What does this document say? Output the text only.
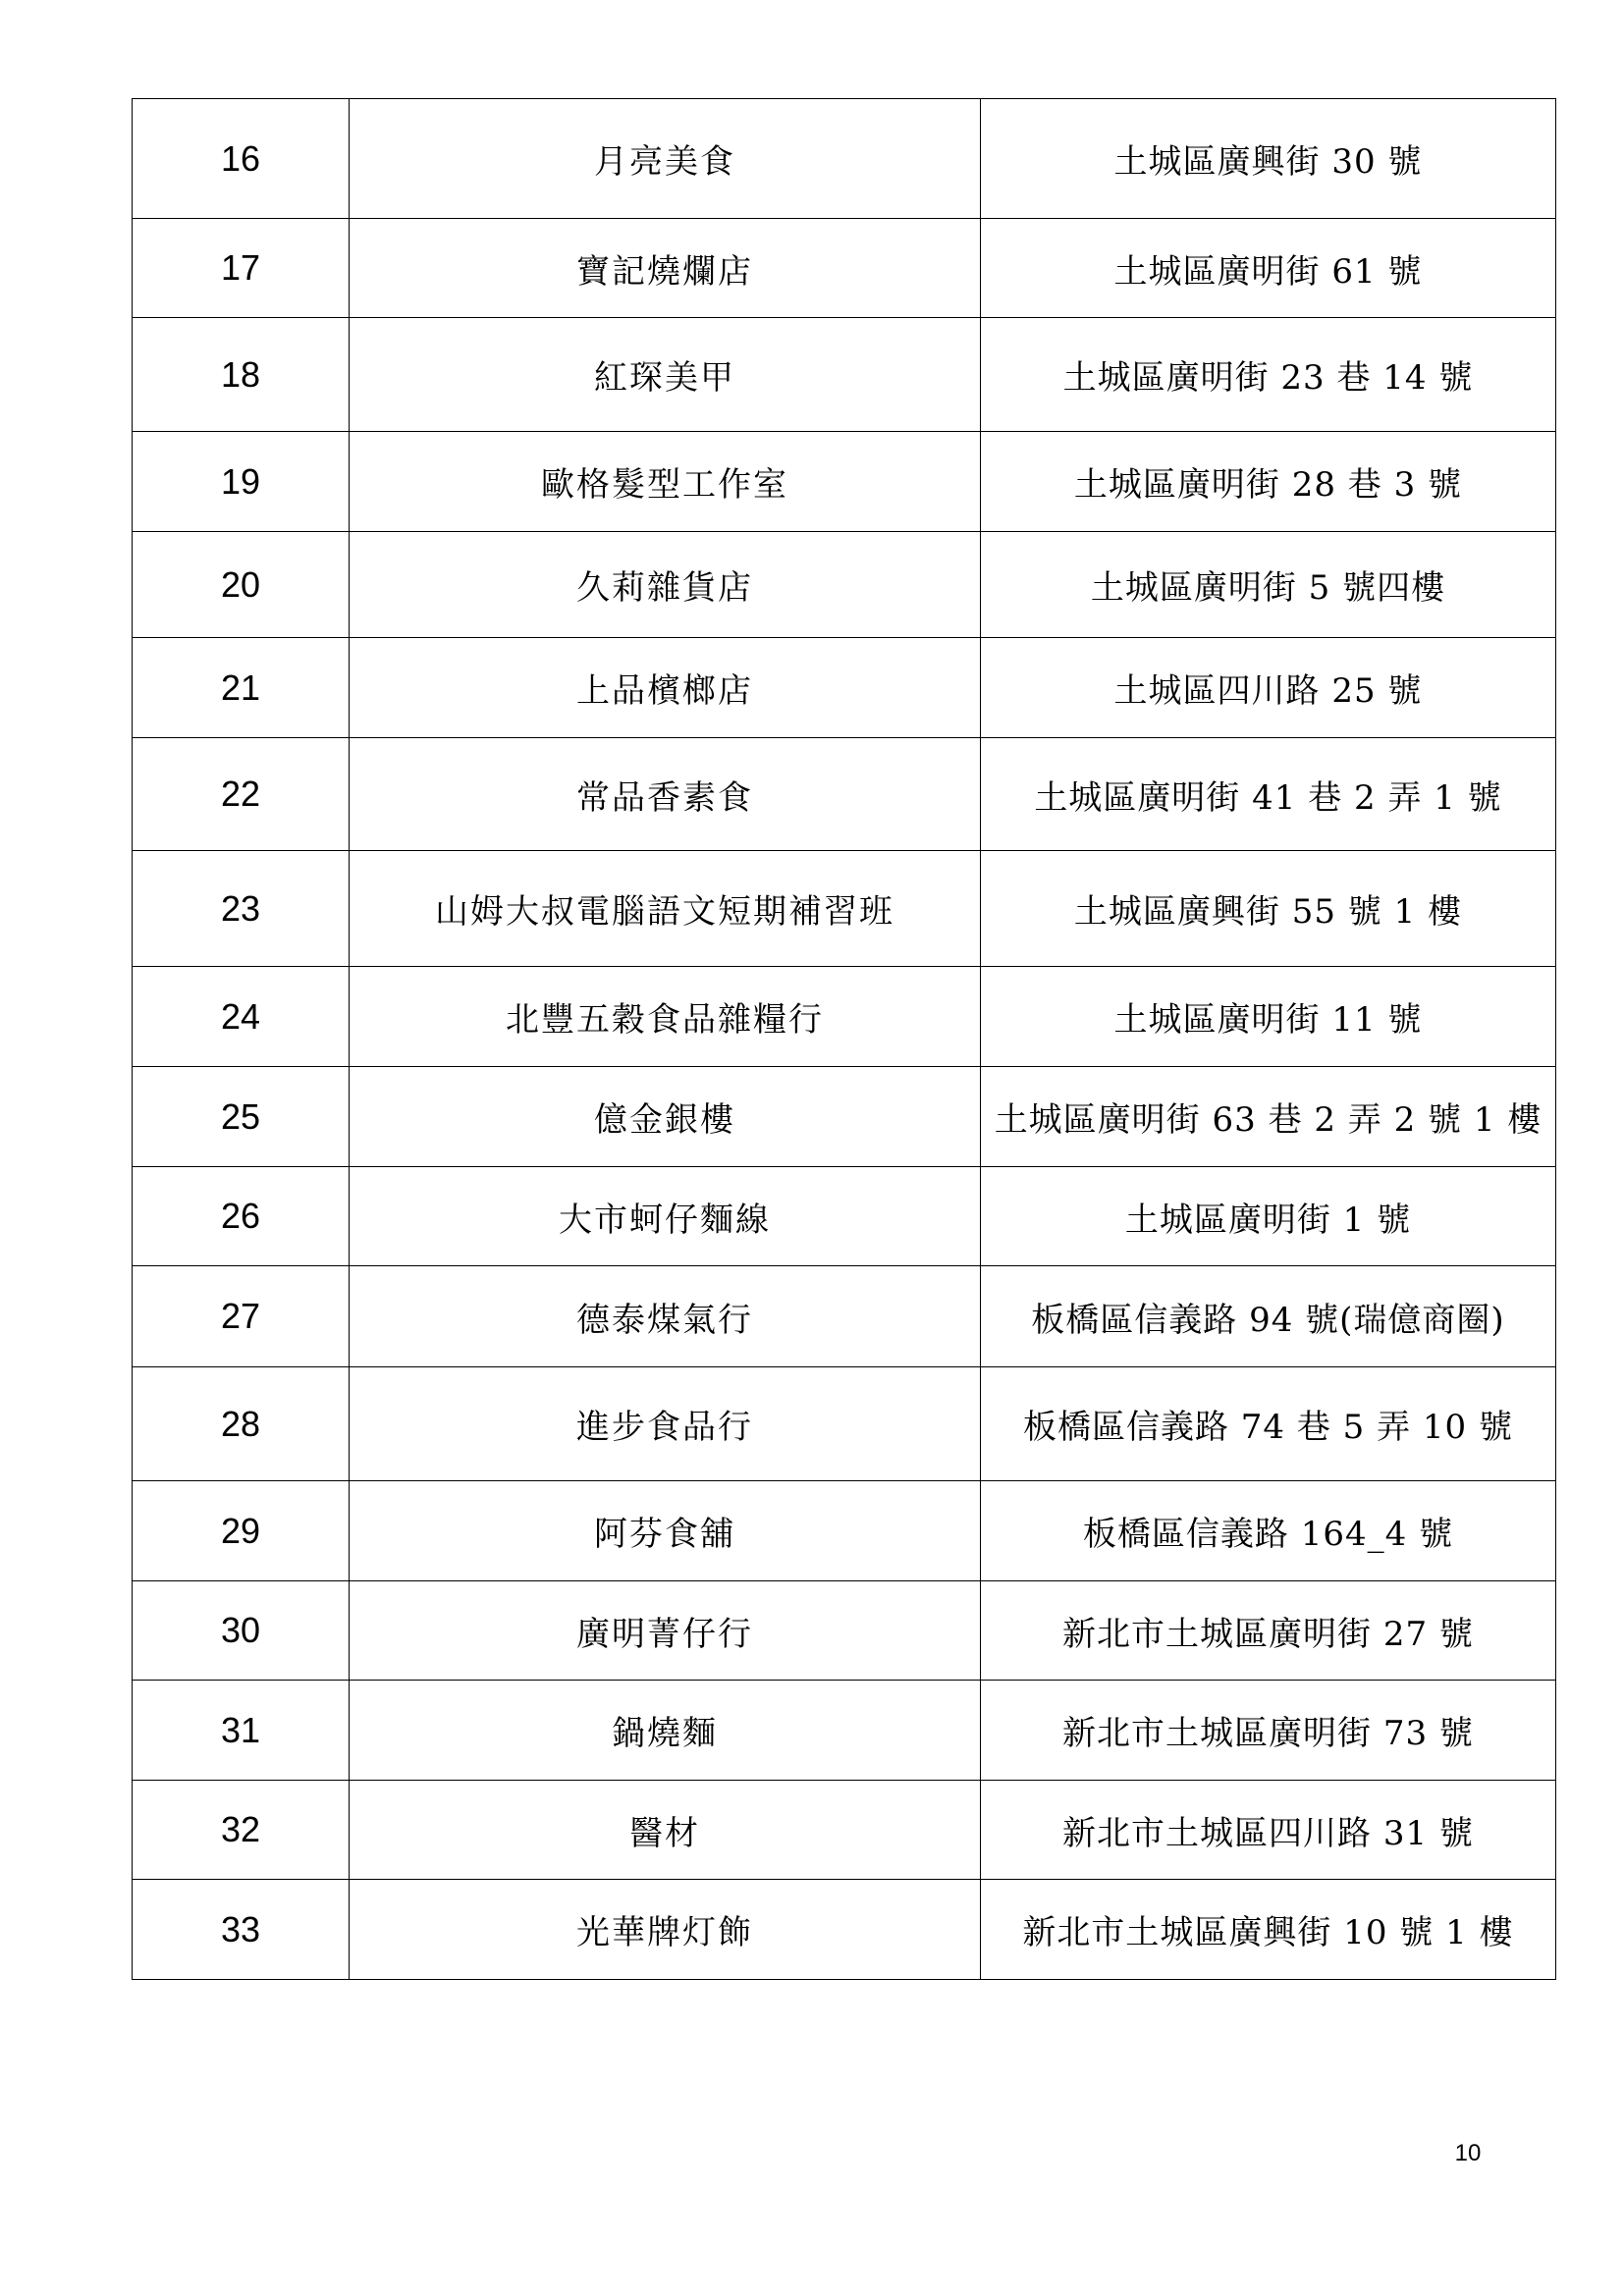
16	月亮美食	土城區廣興街 30 號
17	寶記燒爛店	土城區廣明街 61 號
18	紅琛美甲	土城區廣明街 23 巷 14 號
19	歐格髮型工作室	土城區廣明街 28 巷 3 號
20	久莉雜貨店	土城區廣明街 5 號四樓
21	上品檳榔店	土城區四川路 25 號
22	常品香素食	土城區廣明街 41 巷 2 弄 1 號
23	山姆大叔電腦語文短期補習班	土城區廣興街 55 號 1 樓
24	北豐五穀食品雜糧行	土城區廣明街 11 號
25	億金銀樓	土城區廣明街 63 巷 2 弄 2 號 1 樓
26	大市蚵仔麵線	土城區廣明街 1 號
27	德泰煤氣行	板橋區信義路 94 號(瑞億商圈)
28	進步食品行	板橋區信義路 74 巷 5 弄 10 號
29	阿芬食舖	板橋區信義路 164_4 號
30	廣明菁仔行	新北市土城區廣明街 27 號
31	鍋燒麵	新北市土城區廣明街 73 號
32	醫材	新北市土城區四川路 31 號
33	光華牌灯飾	新北市土城區廣興街 10 號 1 樓
10
